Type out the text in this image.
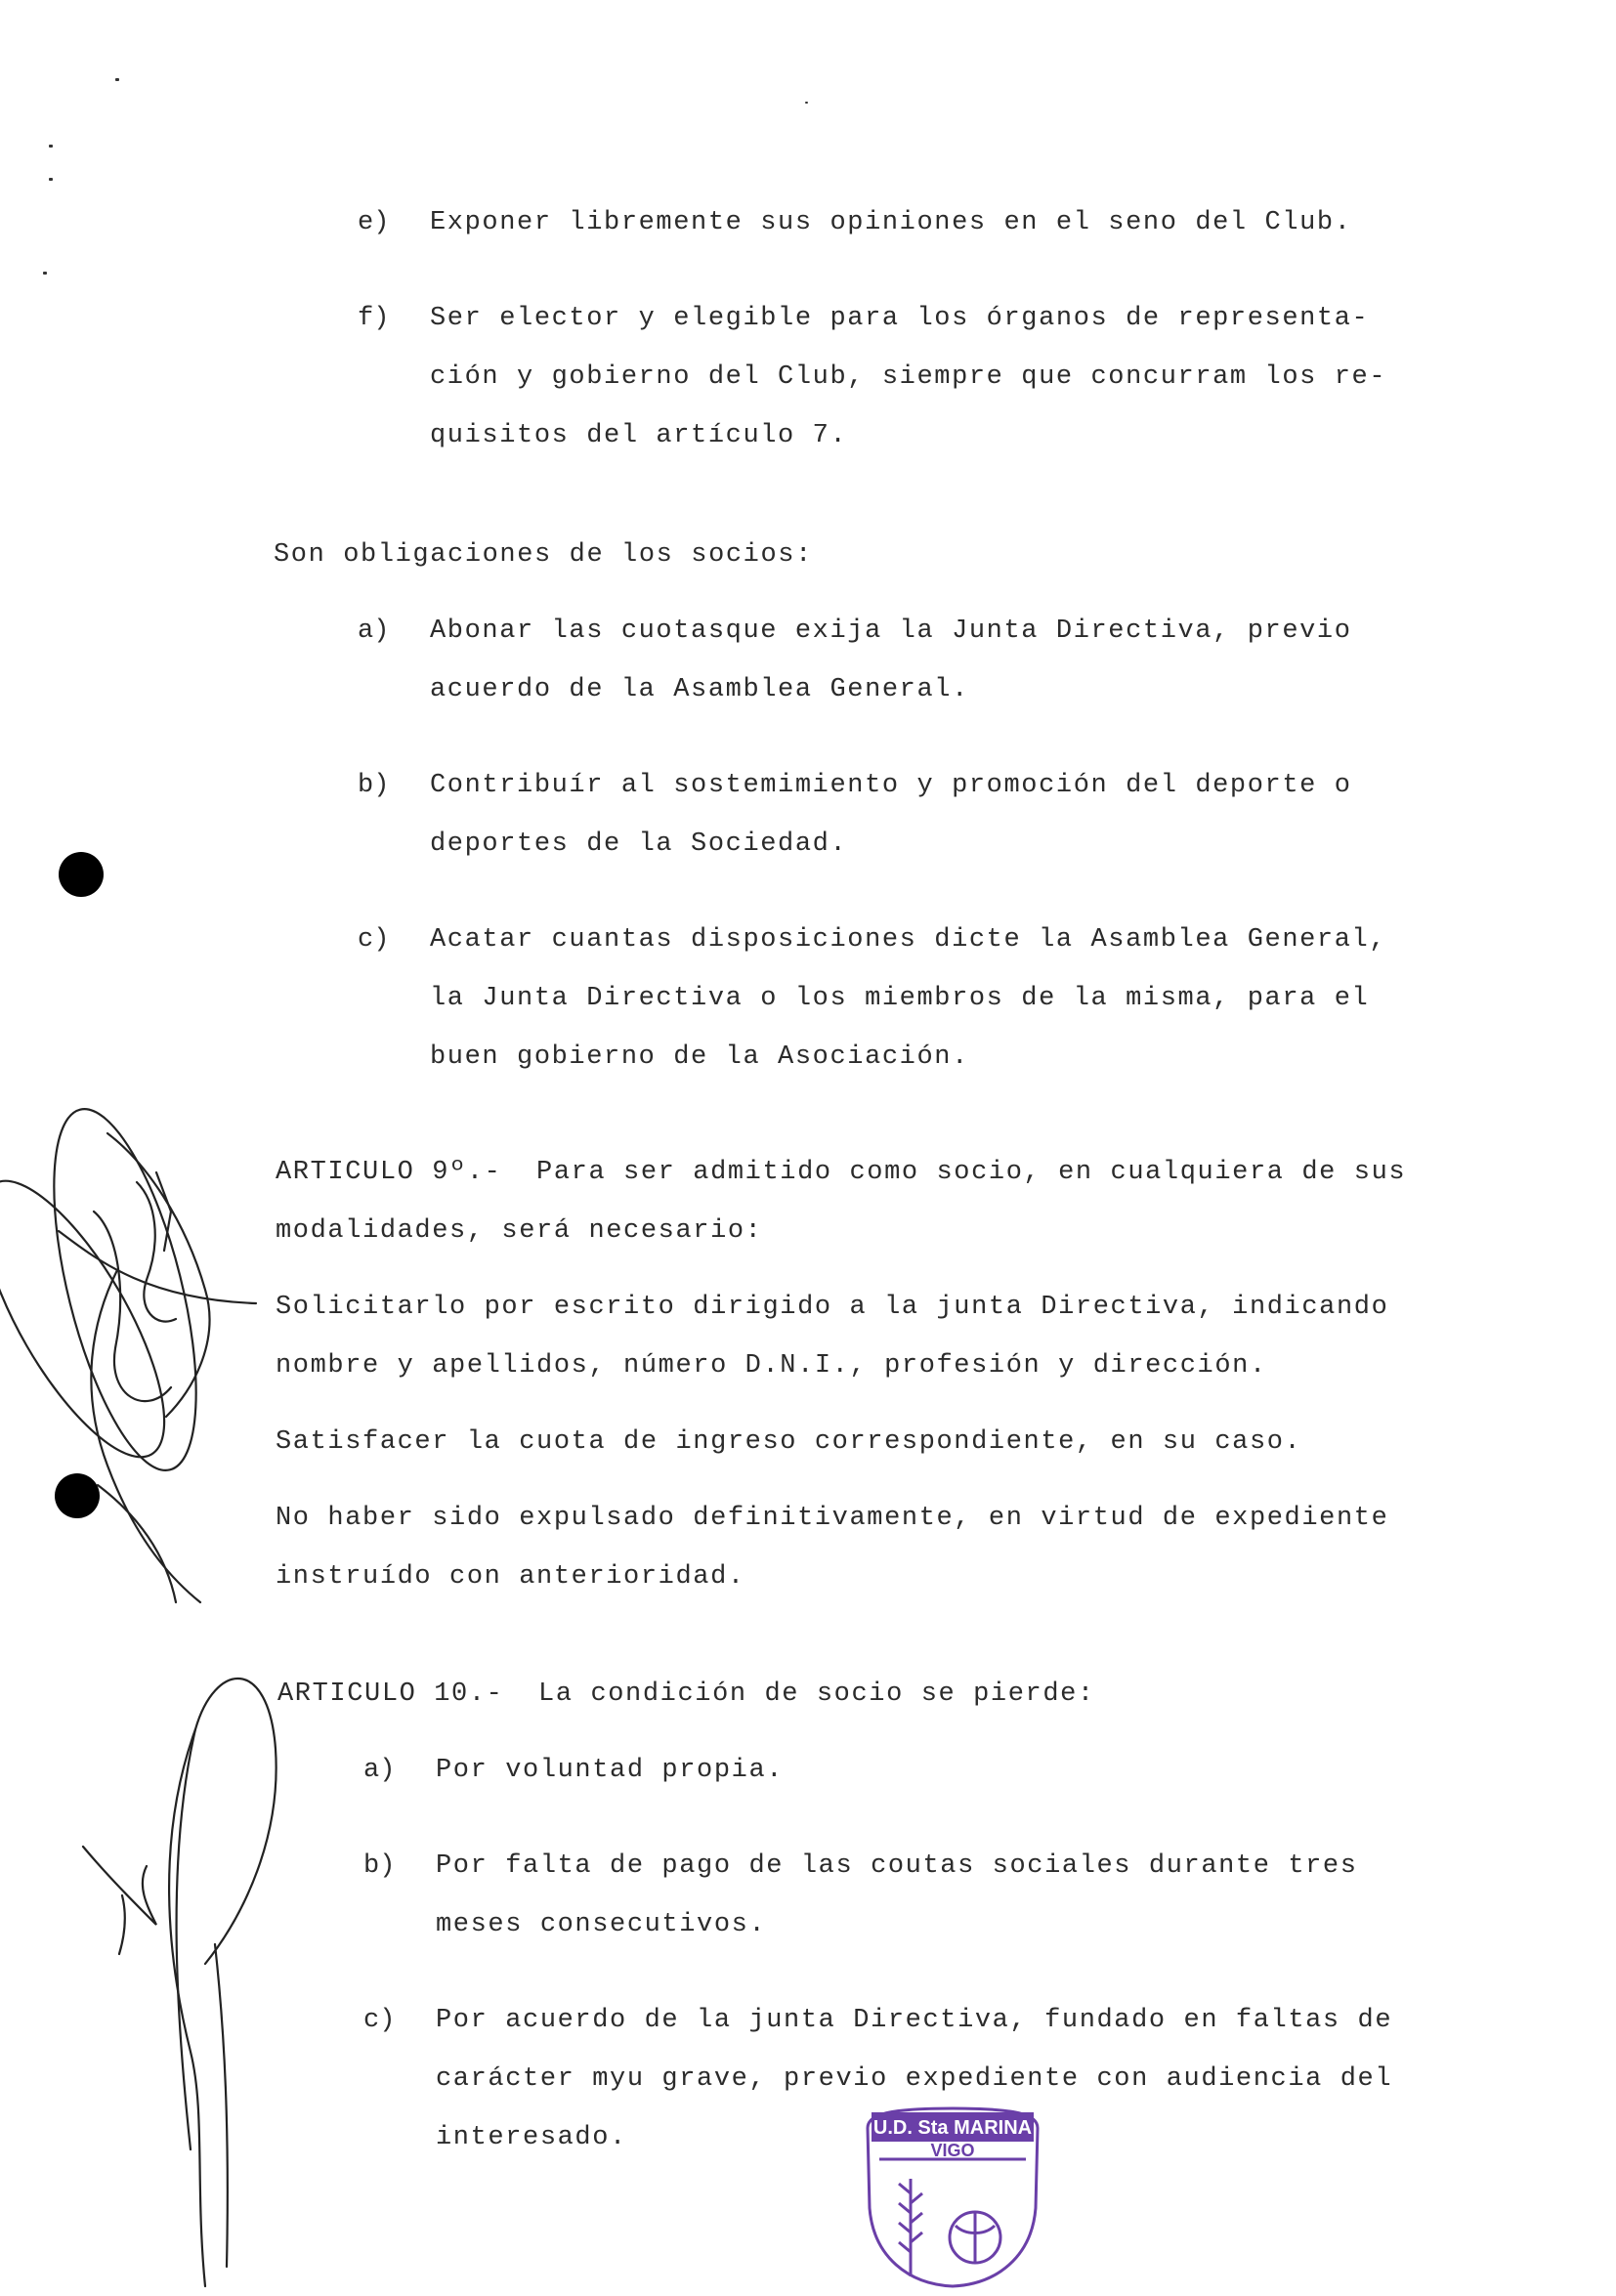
e) Exponer libremente sus opiniones en el seno del Club.
f) Ser elector y elegible para los órganos de representa-
ción y gobierno del Club, siempre que concurram los re-
quisitos del artículo 7.
Son obligaciones de los socios:
a) Abonar las cuotasque exija la Junta Directiva, previo
acuerdo de la Asamblea General.
b) Contribuír al sostemimiento y promoción del deporte o
deportes de la Sociedad.
c) Acatar cuantas disposiciones dicte la Asamblea General,
la Junta Directiva o los miembros de la misma, para el
buen gobierno de la Asociación.
ARTICULO 9º.-  Para ser admitido como socio, en cualquiera de sus
modalidades, será necesario:
Solicitarlo por escrito dirigido a la junta Directiva, indicando
nombre y apellidos, número D.N.I., profesión y dirección.
Satisfacer la cuota de ingreso correspondiente, en su caso.
No haber sido expulsado definitivamente, en virtud de expediente
instruído con anterioridad.
ARTICULO 10.-  La condición de socio se pierde:
a) Por voluntad propia.
b) Por falta de pago de las coutas sociales durante tres
meses consecutivos.
c) Por acuerdo de la junta Directiva, fundado en faltas de
carácter myu grave, previo expediente con audiencia del
interesado.	U.D. Sta MARINA
VIGO
